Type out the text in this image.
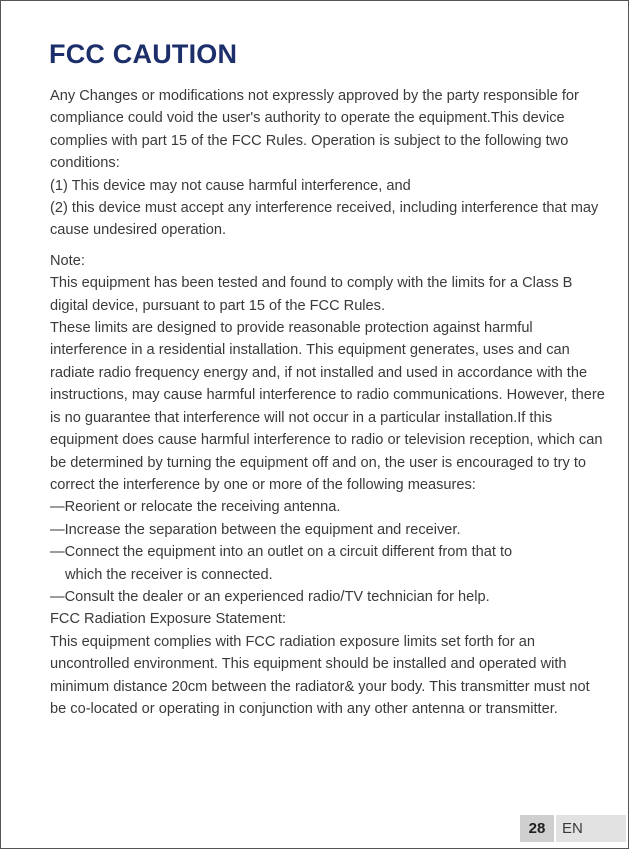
FCC CAUTION

Any Changes or modifications not expressly approved by the party responsible for compliance could void the user's authority to operate the equipment.This device complies with part 15 of the FCC Rules. Operation is subject to the following two conditions:

(1) This device may not cause harmful interference, and

(2) this device must accept any interference received, including interference that may cause undesired operation.

Note:

This equipment has been tested and found to comply with the limits for a Class B digital device, pursuant to part 15 of the FCC Rules.

These limits are designed to provide reasonable protection against harmful interference in a residential installation. This equipment generates, uses and can radiate radio frequency energy and, if not installed and used in accordance with the instructions, may cause harmful interference to radio communications. However, there is no guarantee that interference will not occur in a particular installation.If this equipment does cause harmful interference to radio or television reception, which can be determined by turning the equipment off and on, the user is encouraged to try to correct the interference by one or more of the following measures:

—Reorient or relocate the receiving antenna.

—Increase the separation between the equipment and receiver.

—Connect the equipment into an outlet on a circuit different from that to

which the receiver is connected.

—Consult the dealer or an experienced radio/TV technician for help.

FCC Radiation Exposure Statement:

This equipment complies with FCC radiation exposure limits set forth for an uncontrolled environment. This equipment should be installed and operated with minimum distance 20cm between the radiator& your body. This transmitter must not be co-located or operating in conjunction with any other antenna or transmitter.

28	EN
